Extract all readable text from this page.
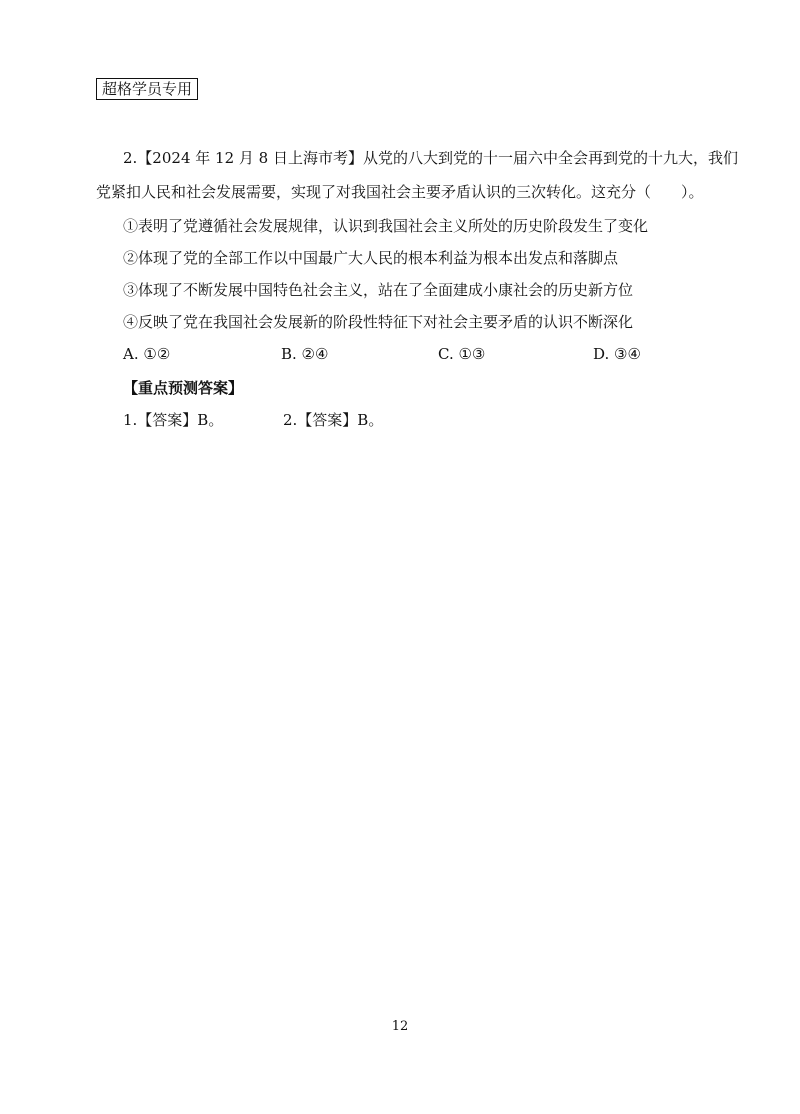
超格学员专用
2.【2024 年 12 月 8 日上海市考】从党的八大到党的十一届六中全会再到党的十九大，我们
党紧扣人民和社会发展需要，实现了对我国社会主要矛盾认识的三次转化。这充分（　　）。
①表明了党遵循社会发展规律，认识到我国社会主义所处的历史阶段发生了变化
②体现了党的全部工作以中国最广大人民的根本利益为根本出发点和落脚点
③体现了不断发展中国特色社会主义，站在了全面建成小康社会的历史新方位
④反映了党在我国社会发展新的阶段性特征下对社会主要矛盾的认识不断深化
A. ①②	B. ②④	C. ①③	D. ③④
【重点预测答案】
1.【答案】B。	2.【答案】B。
12
